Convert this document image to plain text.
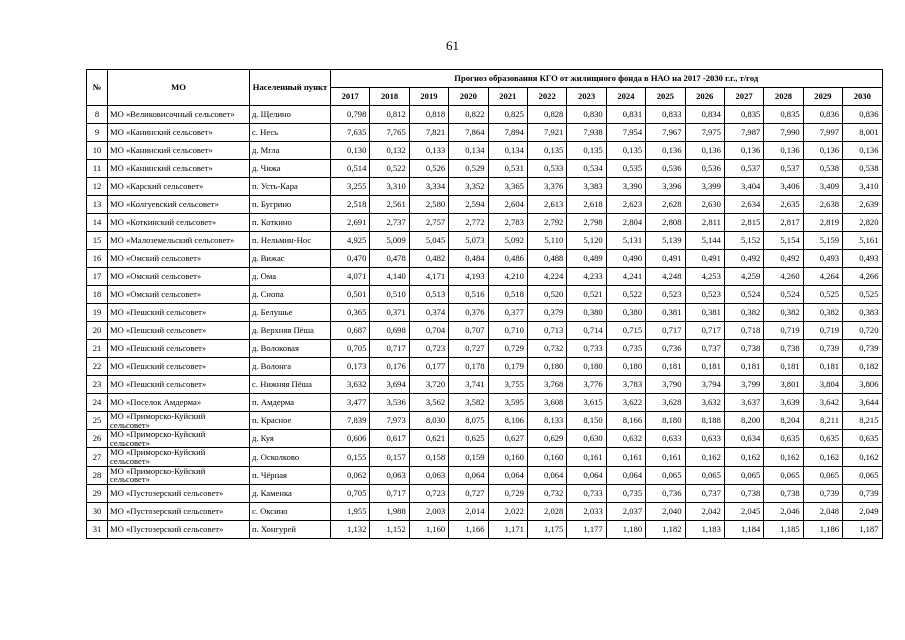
61
№	МО	Населенный пункт	Прогноз образования КГО от жилищного фонда в НАО на 2017 -2030 г.г., т/год													
			2017	2018	2019	2020	2021	2022	2023	2024	2025	2026	2027	2028	2029	2030
8	МО «Великовисочный сельсовет»	д. Щелино	0,798	0,812	0,818	0,822	0,825	0,828	0,830	0,831	0,833	0,834	0,835	0,835	0,836	0,836
9	МО «Канинский сельсовет»	с. Несь	7,635	7,765	7,821	7,864	7,894	7,921	7,938	7,954	7,967	7,975	7,987	7,990	7,997	8,001
10	МО «Канинский сельсовет»	д. Мгла	0,130	0,132	0,133	0,134	0,134	0,135	0,135	0,135	0,136	0,136	0,136	0,136	0,136	0,136
11	МО «Канинский сельсовет»	д. Чижа	0,514	0,522	0,526	0,529	0,531	0,533	0,534	0,535	0,536	0,536	0,537	0,537	0,538	0,538
12	МО «Карский сельсовет»	п. Усть-Кара	3,255	3,310	3,334	3,352	3,365	3,376	3,383	3,390	3,396	3,399	3,404	3,406	3,409	3,410
13	МО «Колгуевский сельсовет»	п. Бугрино	2,518	2,561	2,580	2,594	2,604	2,613	2,618	2,623	2,628	2,630	2,634	2,635	2,638	2,639
14	МО «Коткинский сельсовет»	п. Коткино	2,691	2,737	2,757	2,772	2,783	2,792	2,798	2,804	2,808	2,811	2,815	2,817	2,819	2,820
15	МО «Малоземельский сельсовет»	п. Нельмин-Нос	4,925	5,009	5,045	5,073	5,092	5,110	5,120	5,131	5,139	5,144	5,152	5,154	5,159	5,161
16	МО «Омский сельсовет»	д. Вижас	0,470	0,478	0,482	0,484	0,486	0,488	0,489	0,490	0,491	0,491	0,492	0,492	0,493	0,493
17	МО «Омский сельсовет»	д. Ома	4,071	4,140	4,171	4,193	4,210	4,224	4,233	4,241	4,248	4,253	4,259	4,260	4,264	4,266
18	МО «Омский сельсовет»	д. Снопа	0,501	0,510	0,513	0,516	0,518	0,520	0,521	0,522	0,523	0,523	0,524	0,524	0,525	0,525
19	МО «Пешский сельсовет»	д. Белушье	0,365	0,371	0,374	0,376	0,377	0,379	0,380	0,380	0,381	0,381	0,382	0,382	0,382	0,383
20	МО «Пешский сельсовет»	д. Верхняя Пёша	0,687	0,698	0,704	0,707	0,710	0,713	0,714	0,715	0,717	0,717	0,718	0,719	0,719	0,720
21	МО «Пешский сельсовет»	д. Волоковая	0,705	0,717	0,723	0,727	0,729	0,732	0,733	0,735	0,736	0,737	0,738	0,738	0,739	0,739
22	МО «Пешский сельсовет»	д. Волонга	0,173	0,176	0,177	0,178	0,179	0,180	0,180	0,180	0,181	0,181	0,181	0,181	0,181	0,182
23	МО «Пешский сельсовет»	с. Нижняя Пёша	3,632	3,694	3,720	3,741	3,755	3,768	3,776	3,783	3,790	3,794	3,799	3,801	3,804	3,806
24	МО «Поселок Амдерма»	п. Амдерма	3,477	3,536	3,562	3,582	3,595	3,608	3,615	3,622	3,628	3,632	3,637	3,639	3,642	3,644
25	МО «Приморско-Куйский сельсовет»	п. Красное	7,839	7,973	8,030	8,075	8,106	8,133	8,150	8,166	8,180	8,188	8,200	8,204	8,211	8,215
26	МО «Приморско-Куйский сельсовет»	д. Куя	0,606	0,617	0,621	0,625	0,627	0,629	0,630	0,632	0,633	0,633	0,634	0,635	0,635	0,635
27	МО «Приморско-Куйский сельсовет»	д. Осколково	0,155	0,157	0,158	0,159	0,160	0,160	0,161	0,161	0,161	0,162	0,162	0,162	0,162	0,162
28	МО «Приморско-Куйский сельсовет»	п. Чёрная	0,062	0,063	0,063	0,064	0,064	0,064	0,064	0,064	0,065	0,065	0,065	0,065	0,065	0,065
29	МО «Пустозерский сельсовет»	д. Каменка	0,705	0,717	0,723	0,727	0,729	0,732	0,733	0,735	0,736	0,737	0,738	0,738	0,739	0,739
30	МО «Пустозерский сельсовет»	с. Оксино	1,955	1,988	2,003	2,014	2,022	2,028	2,033	2,037	2,040	2,042	2,045	2,046	2,048	2,049
31	МО «Пустозерский сельсовет»	п. Хонгурей	1,132	1,152	1,160	1,166	1,171	1,175	1,177	1,180	1,182	1,183	1,184	1,185	1,186	1,187
